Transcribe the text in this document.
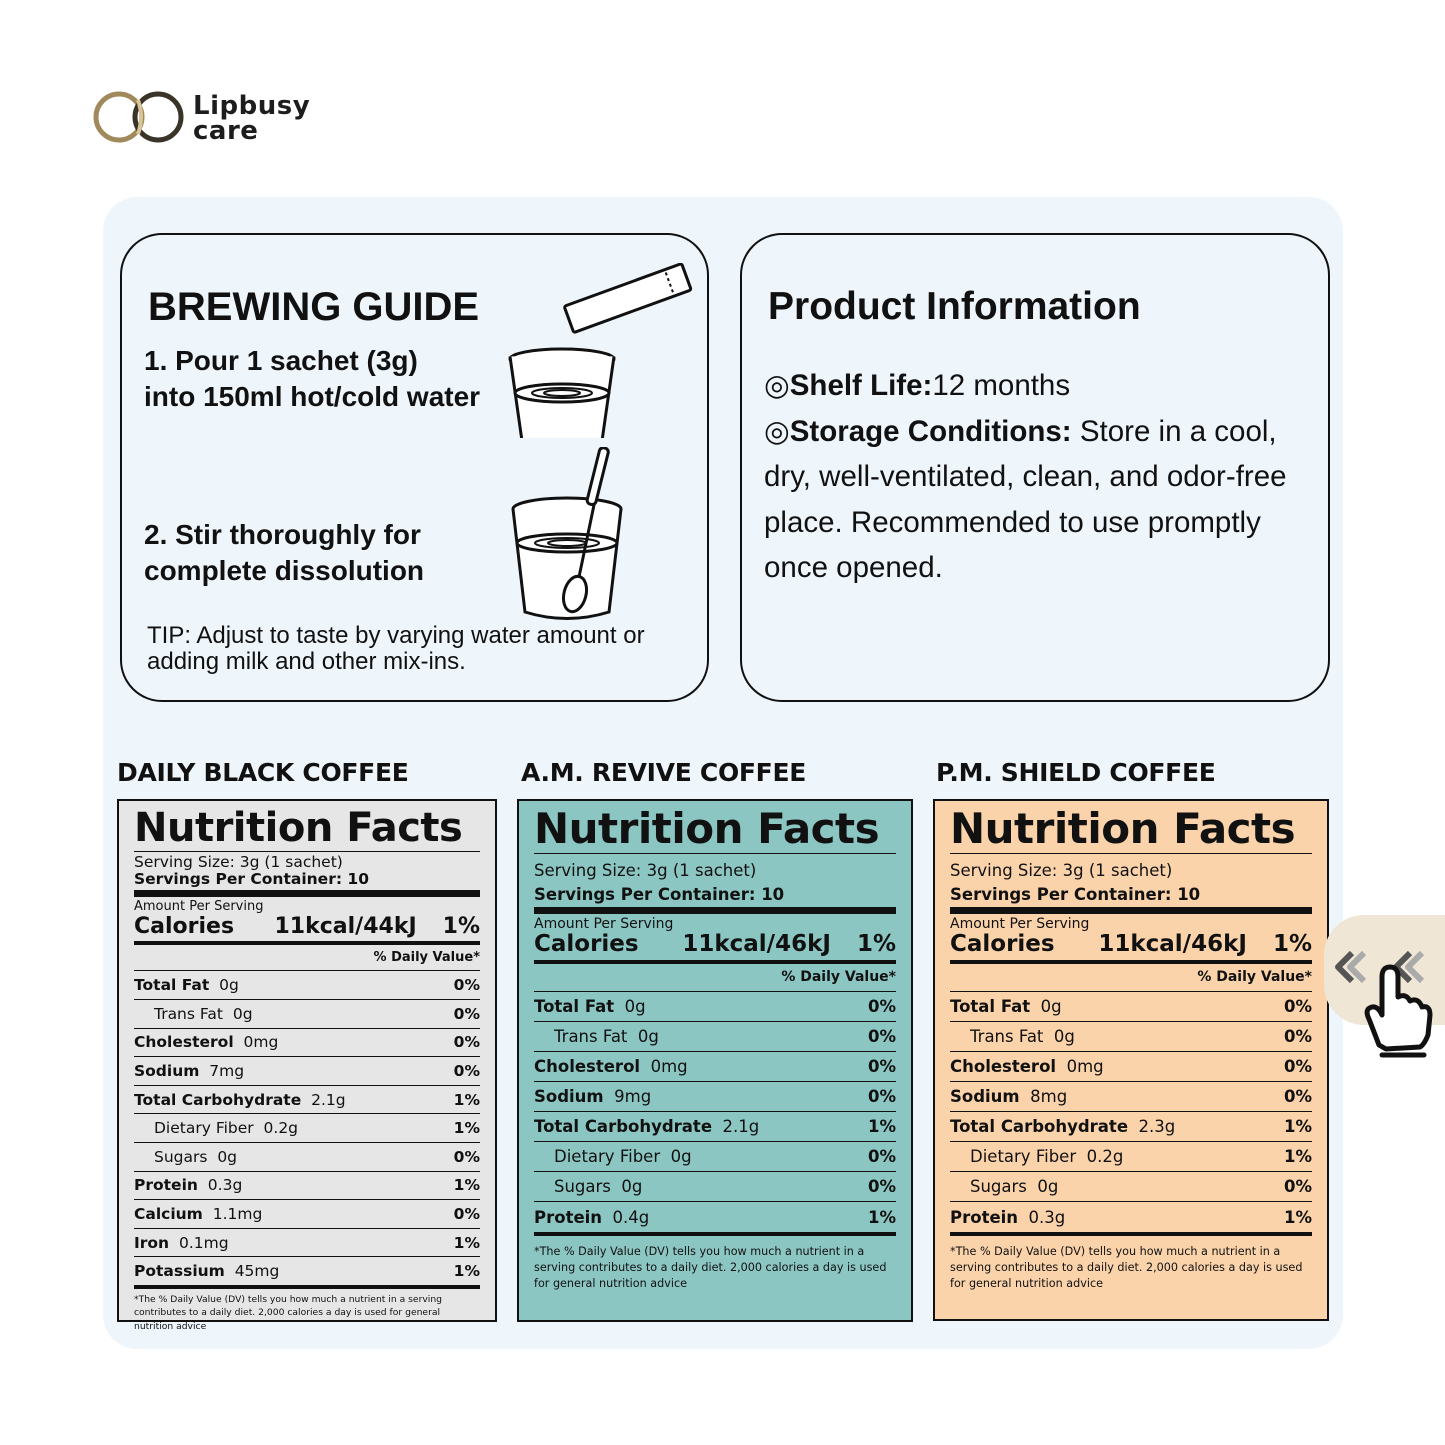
Lipbusy
care
BREWING GUIDE
1. Pour 1 sachet (3g)
into 150ml hot/cold water
2. Stir thoroughly for
complete dissolution
TIP: Adjust to taste by varying water amount or adding milk and other mix-ins.
Product Information
◎Shelf Life:12 months
◎Storage Conditions: Store in a cool, dry, well-ventilated, clean, and odor-free place. Recommended to use promptly once opened.
DAILY BLACK COFFEE	A.M. REVIVE COFFEE	P.M. SHIELD COFFEE
Nutrition Facts
Serving Size: 3g (1 sachet)
Servings Per Container: 10
Amount Per Serving
Calories 11kcal/44kJ 1%
% Daily Value*
Total Fat 0g	0%
Trans Fat 0g	0%
Cholesterol 0mg	0%
Sodium 7mg	0%
Total Carbohydrate 2.1g	1%
Dietary Fiber 0.2g	1%
Sugars 0g	0%
Protein 0.3g	1%
Calcium 1.1mg	0%
Iron 0.1mg	1%
Potassium 45mg	1%
*The % Daily Value (DV) tells you how much a nutrient in a serving contributes to a daily diet. 2,000 calories a day is used for general nutrition advice
Nutrition Facts
Serving Size: 3g (1 sachet)
Servings Per Container: 10
Amount Per Serving
Calories 11kcal/46kJ 1%
% Daily Value*
Total Fat 0g	0%
Trans Fat 0g	0%
Cholesterol 0mg	0%
Sodium 9mg	0%
Total Carbohydrate 2.1g	1%
Dietary Fiber 0g	0%
Sugars 0g	0%
Protein 0.4g	1%
*The % Daily Value (DV) tells you how much a nutrient in a serving contributes to a daily diet. 2,000 calories a day is used for general nutrition advice
Nutrition Facts
Serving Size: 3g (1 sachet)
Servings Per Container: 10
Amount Per Serving
Calories 11kcal/46kJ 1%
% Daily Value*
Total Fat 0g	0%
Trans Fat 0g	0%
Cholesterol 0mg	0%
Sodium 8mg	0%
Total Carbohydrate 2.3g	1%
Dietary Fiber 0.2g	1%
Sugars 0g	0%
Protein 0.3g	1%
*The % Daily Value (DV) tells you how much a nutrient in a serving contributes to a daily diet. 2,000 calories a day is used for general nutrition advice
